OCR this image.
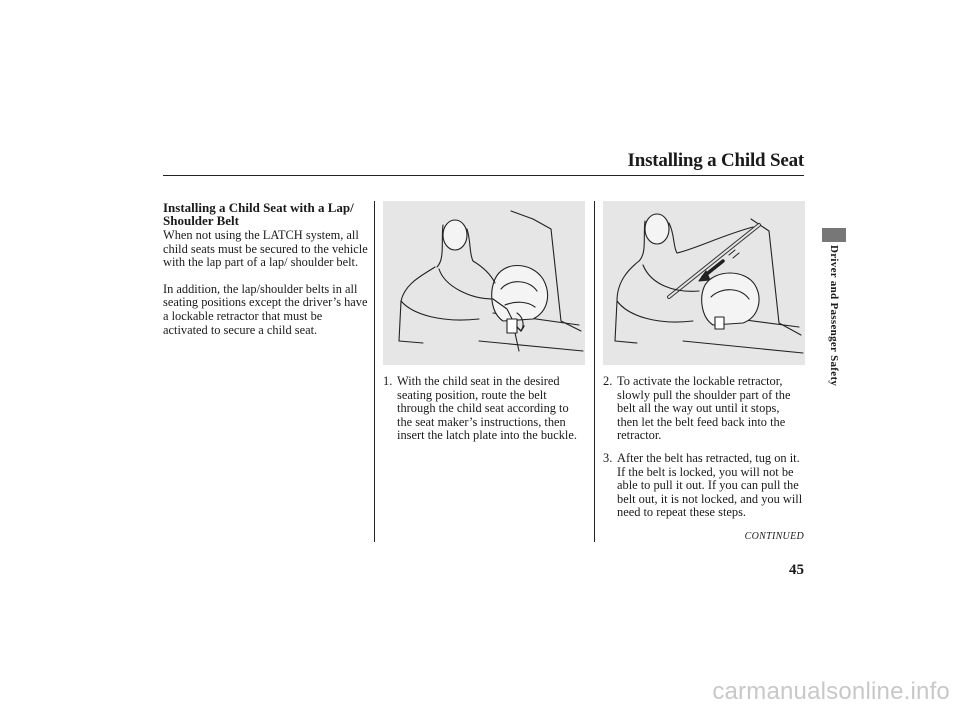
Installing a Child Seat
Driver and Passenger Safety
Installing a Child Seat with a Lap/ Shoulder Belt

When not using the LATCH system, all child seats must be secured to the vehicle with the lap part of a lap/ shoulder belt.

In addition, the lap/shoulder belts in all seating positions except the driver’s have a lockable retractor that must be activated to secure a child seat.

1. With the child seat in the desired seating position, route the belt through the child seat according to the seat maker’s instructions, then insert the latch plate into the buckle.
2. To activate the lockable retractor, slowly pull the shoulder part of the belt all the way out until it stops, then let the belt feed back into the retractor.
3. After the belt has retracted, tug on it. If the belt is locked, you will not be able to pull it out. If you can pull the belt out, it is not locked, and you will need to repeat these steps.
CONTINUED
45
carmanualsonline.info
